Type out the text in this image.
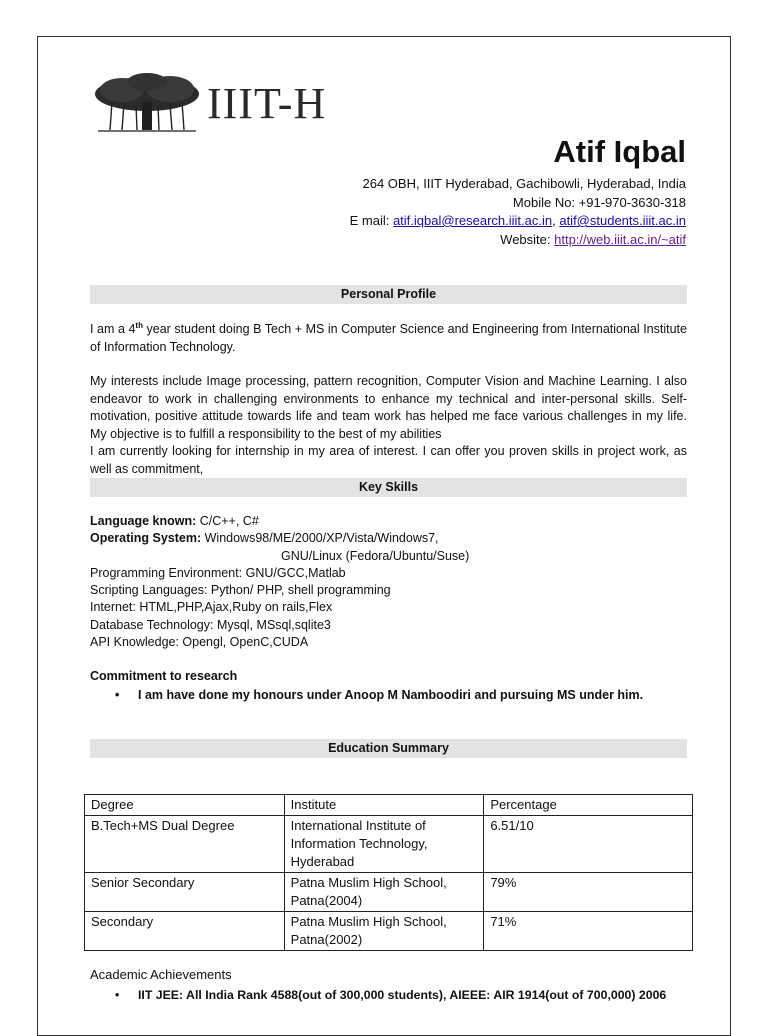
IIIT-H
Atif Iqbal
264 OBH, IIIT Hyderabad, Gachibowli, Hyderabad, India
Mobile No: +91-970-3630-318
E mail: atif.iqbal@research.iiit.ac.in, atif@students.iiit.ac.in
Website: http://web.iiit.ac.in/~atif
Personal Profile
I am a 4th year student doing B Tech + MS in Computer Science and Engineering from International Institute of Information Technology.
My interests include Image processing, pattern recognition, Computer Vision and Machine Learning. I also endeavor to work in challenging environments to enhance my technical and inter-personal skills. Self-motivation, positive attitude towards life and team work has helped me face various challenges in my life. My objective is to fulfill a responsibility to the best of my abilities
I am currently looking for internship in my area of interest. I can offer you proven skills in project work, as well as commitment,
Key Skills
Language known: C/C++, C#
Operating System: Windows98/ME/2000/XP/Vista/Windows7,
GNU/Linux (Fedora/Ubuntu/Suse)
Programming Environment: GNU/GCC,Matlab
Scripting Languages: Python/ PHP, shell programming
Internet: HTML,PHP,Ajax,Ruby on rails,Flex
Database Technology: Mysql, MSsql,sqlite3
API Knowledge: Opengl, OpenC,CUDA
Commitment to research
• I am have done my honours under Anoop M Namboodiri and pursuing MS under him.
Education Summary
Degree	Institute	Percentage
B.Tech+MS Dual Degree	International Institute of Information Technology, Hyderabad	6.51/10
Senior Secondary	Patna Muslim High School, Patna(2004)	79%
Secondary	Patna Muslim High School, Patna(2002)	71%
Academic Achievements
• IIT JEE: All India Rank 4588(out of 300,000 students), AIEEE: AIR 1914(out of 700,000) 2006
